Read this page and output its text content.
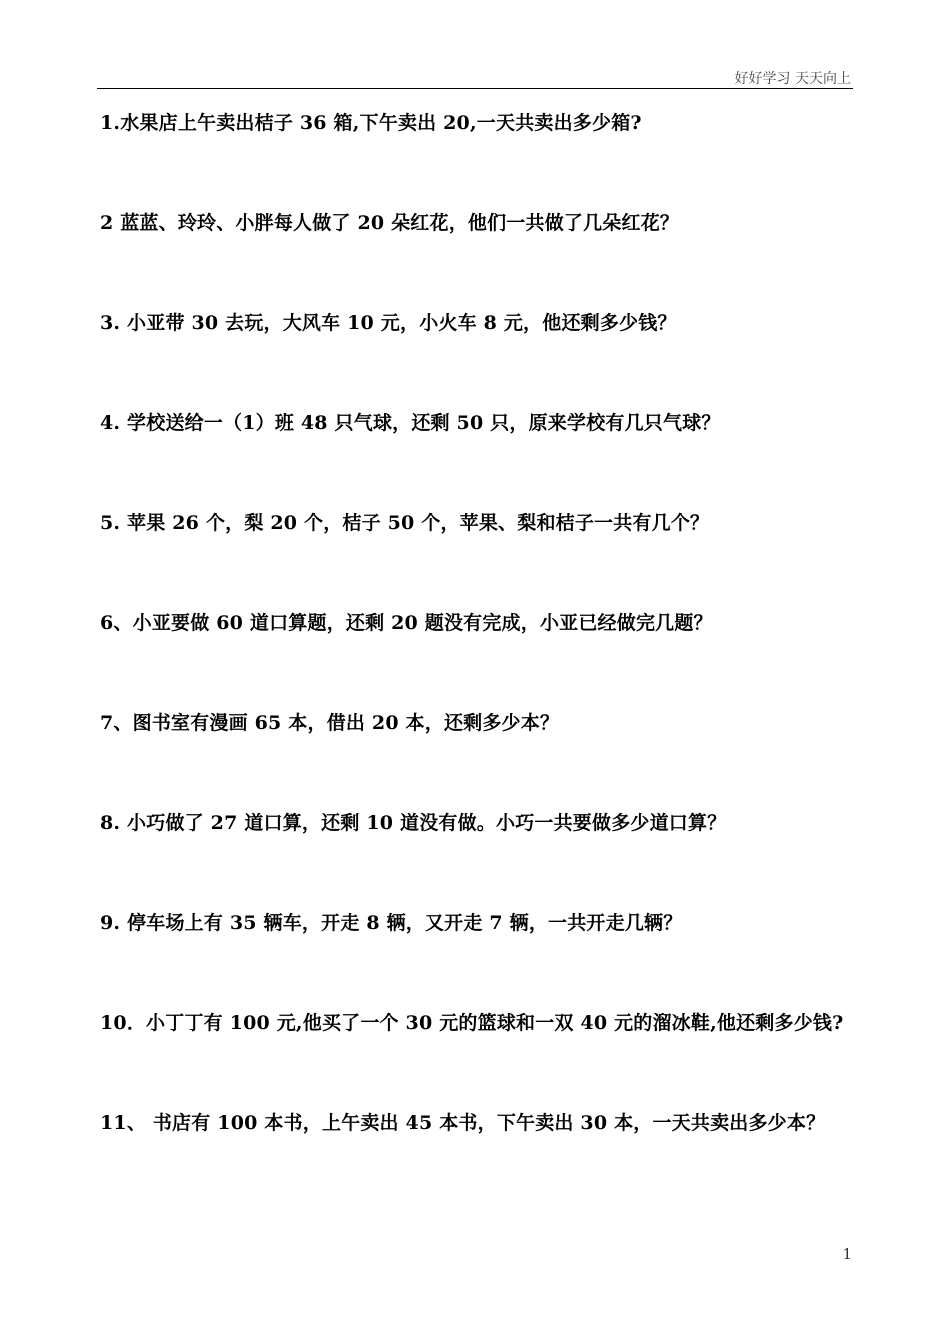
好好学习 天天向上

1.水果店上午卖出桔子 36 箱,下午卖出 20,一天共卖出多少箱?

2 蓝蓝、玲玲、小胖每人做了 20 朵红花，他们一共做了几朵红花？

3. 小亚带 30 去玩，大风车 10 元，小火车 8 元，他还剩多少钱？

4. 学校送给一（1）班 48 只气球，还剩 50 只，原来学校有几只气球？

5. 苹果 26 个，梨 20 个，桔子 50 个，苹果、梨和桔子一共有几个？

6、小亚要做 60 道口算题，还剩 20 题没有完成，小亚已经做完几题？

7、图书室有漫画 65 本，借出 20 本，还剩多少本？

8. 小巧做了 27 道口算，还剩 10 道没有做。小巧一共要做多少道口算？

9. 停车场上有 35 辆车，开走 8 辆，又开走 7 辆，一共开走几辆？

10．小丁丁有 100 元,他买了一个 30 元的篮球和一双 40 元的溜冰鞋,他还剩多少钱?

11、 书店有 100 本书，上午卖出 45 本书，下午卖出 30 本，一天共卖出多少本？

1
